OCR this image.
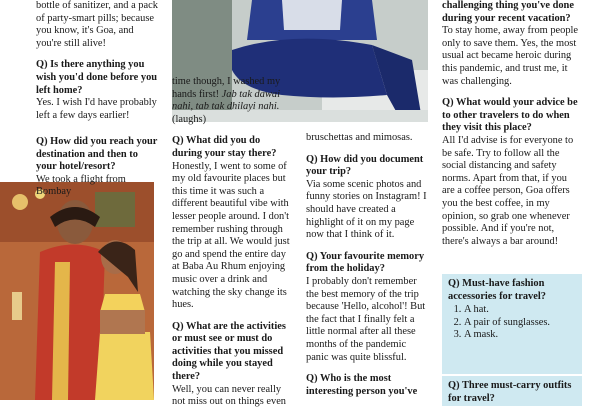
bottle of sanitizer, and a pack of party-smart pills; because you know, it's Goa, and you're still alive!

Q) Is there anything you wish you'd done before you left home?
Yes. I wish I'd have probably left a few days earlier!

Q) How did you reach your destination and then to your hotel/resort?
We took a flight from Bombay

time though, I washed my hands first! Jab tak dawai nahi, tab tak dhilayi nahi. (laughs)

Q) What did you do during your stay there?
Honestly, I went to some of my old favourite places but this time it was such a different beautiful vibe with lesser people around. I don't remember rushing through the trip at all. We would just go and spend the entire day at Baba Au Rhum enjoying music over a drink and watching the sky change its hues.

Q) What are the activities or must see or must do activities that you missed doing while you stayed there?
Well, you can never really not miss out on things even

bruschettas and mimosas.

Q) How did you document your trip?
Via some scenic photos and funny stories on Instagram! I should have created a highlight of it on my page now that I think of it.

Q) Your favourite memory from the holiday?
I probably don't remember the best memory of the trip because 'Hello, alcohol'! But the fact that I finally felt a little normal after all these months of the pandemic panic was quite blissful.

Q) Who is the most interesting person you've

challenging thing you've done during your recent vacation?
To stay home, away from people only to save them. Yes, the most usual act became heroic during this pandemic, and trust me, it was challenging.

Q) What would your advice be to other travelers to do when they visit this place?
All I'd advise is for everyone to be safe. Try to follow all the social distancing and safety norms. Apart from that, if you are a coffee person, Goa offers you the best coffee, in my opinion, so grab one whenever possible. And if you're not, there's always a bar around!

Q) Must-have fashion accessories for travel?
1. A hat.
2. A pair of sunglasses.
3. A mask.
Q) Three must-carry outfits for travel?
